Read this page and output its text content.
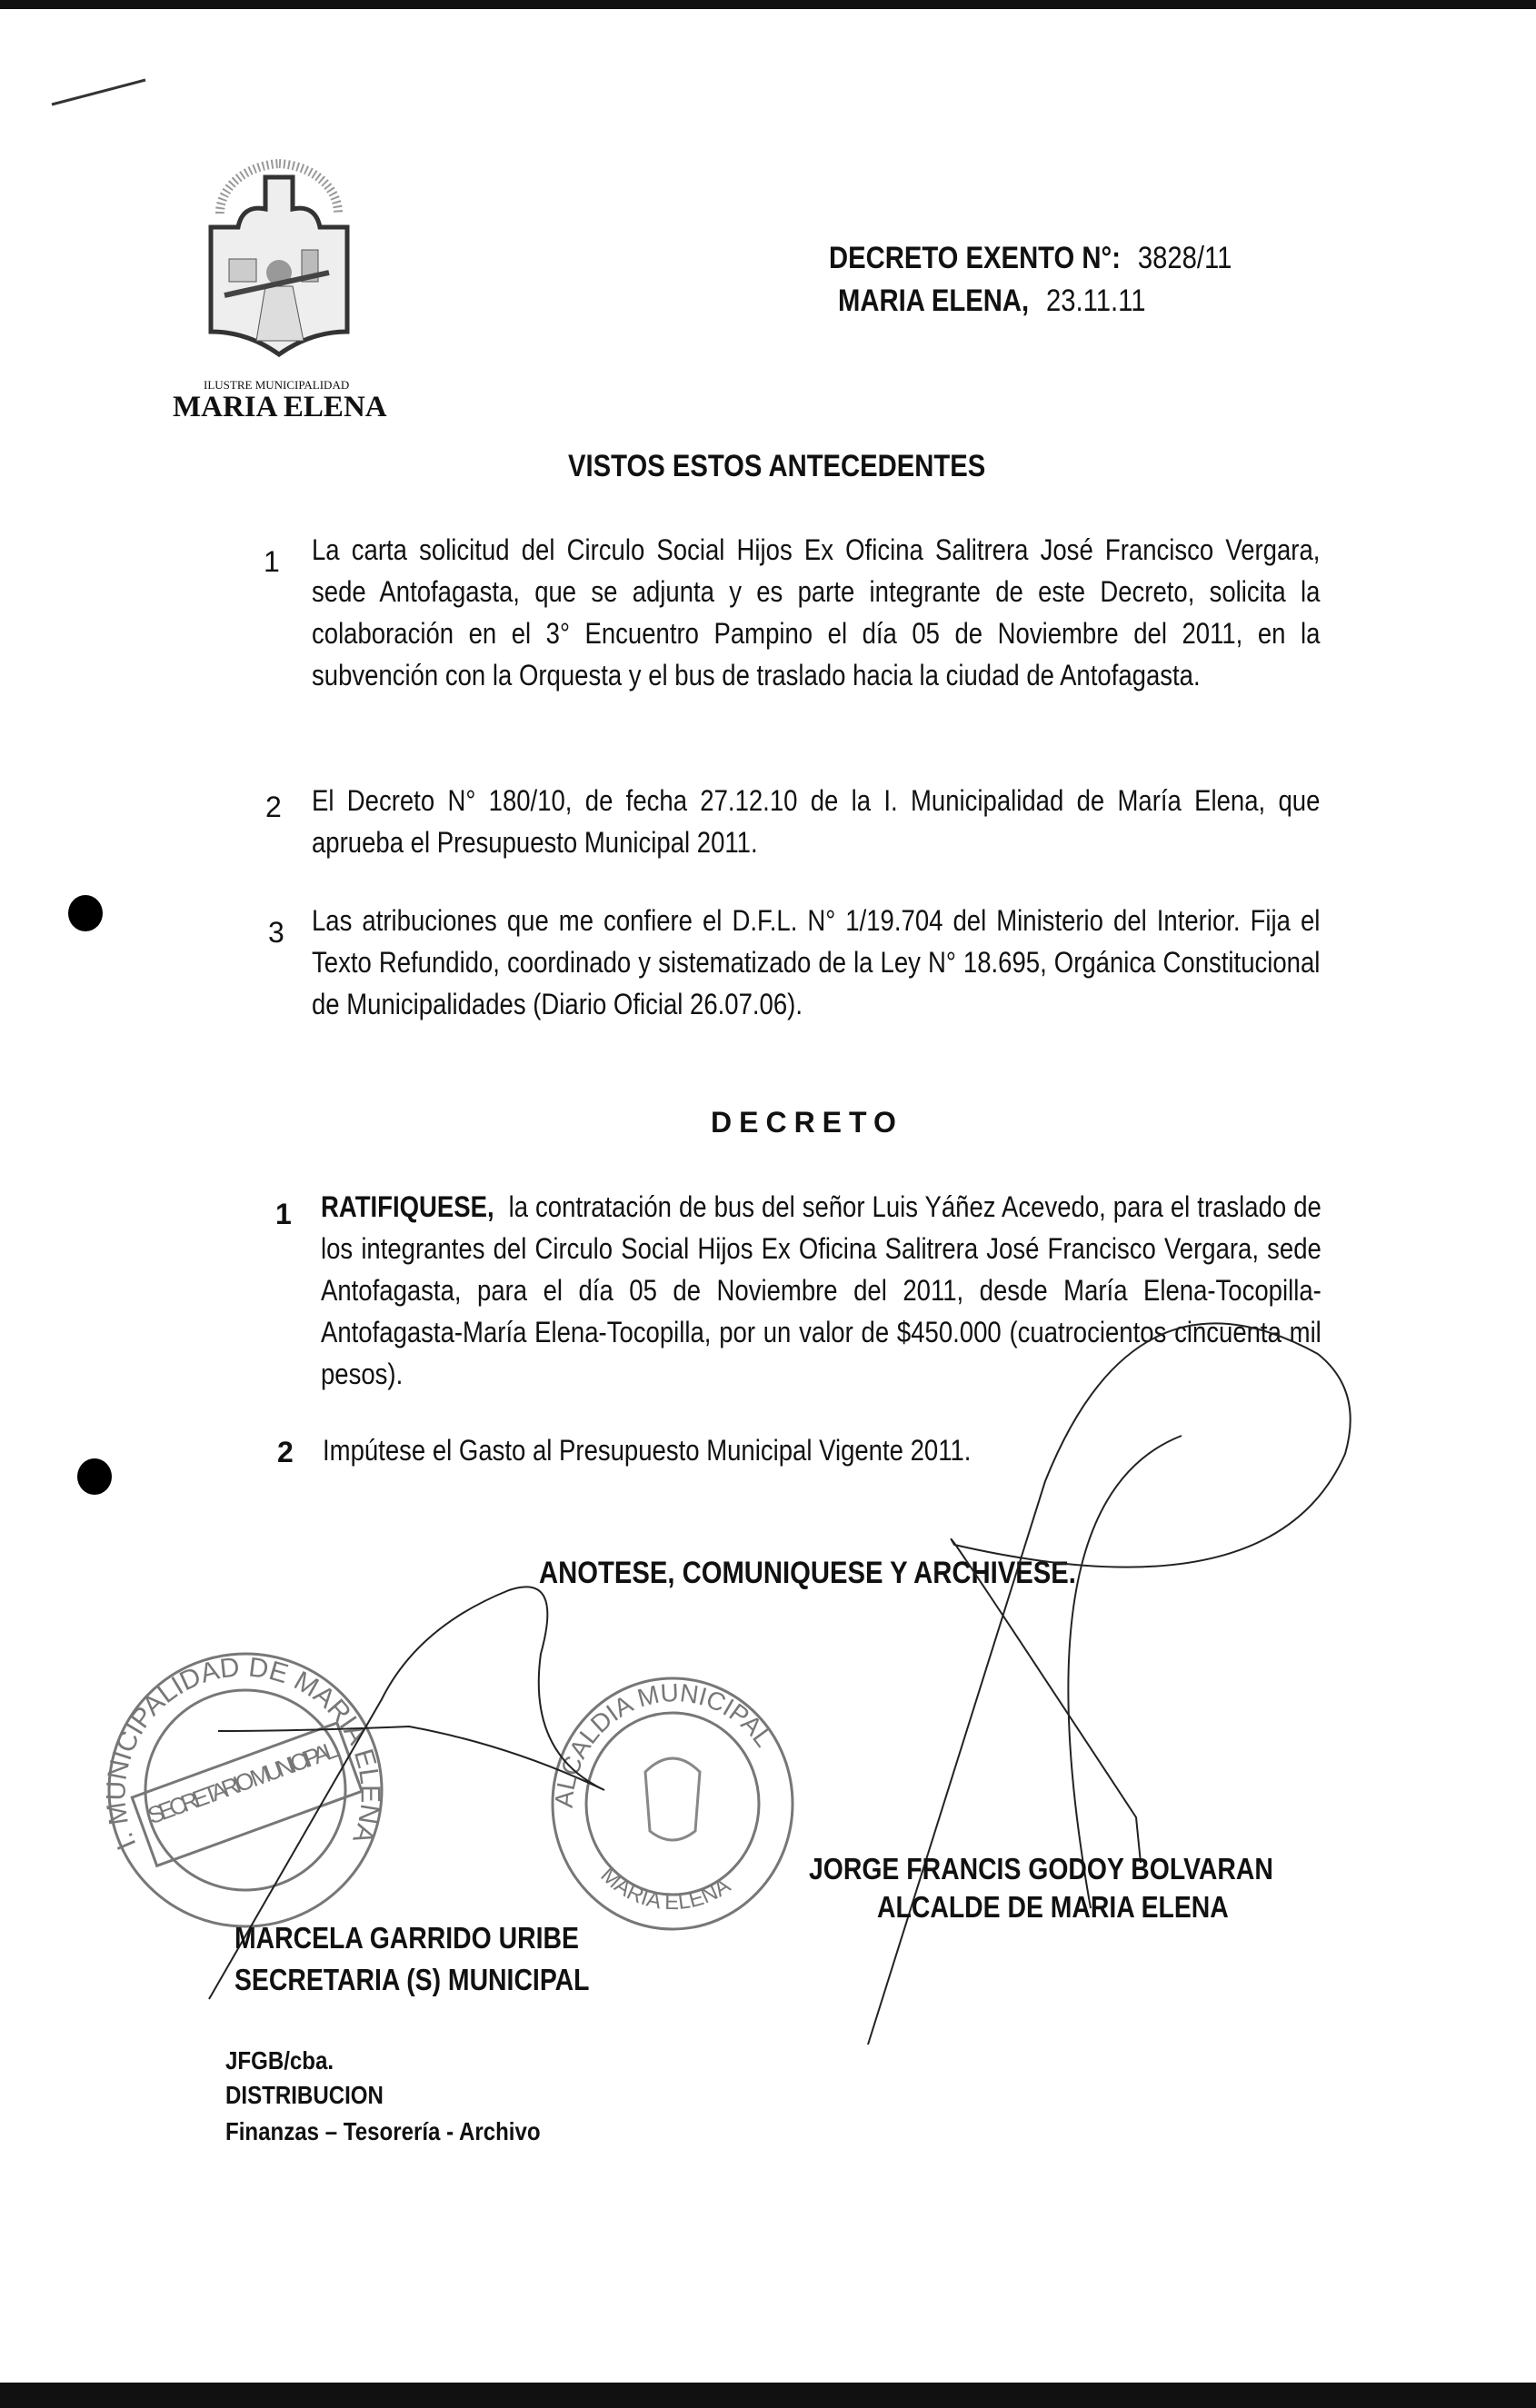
ILUSTRE MUNICIPALIDAD
MARIA ELENA
DECRETO EXENTO N°: 3828/11
MARIA ELENA, 23.11.11
VISTOS ESTOS ANTECEDENTES
1 La carta solicitud del Circulo Social Hijos Ex Oficina Salitrera José Francisco Vergara, sede Antofagasta, que se adjunta y es parte integrante de este Decreto, solicita la colaboración en el 3° Encuentro Pampino el día 05 de Noviembre del 2011, en la subvención con la Orquesta y el bus de traslado hacia la ciudad de Antofagasta.
2 El Decreto N° 180/10, de fecha 27.12.10 de la I. Municipalidad de María Elena, que aprueba el Presupuesto Municipal 2011.
3 Las atribuciones que me confiere el D.F.L. N° 1/19.704 del Ministerio del Interior. Fija el Texto Refundido, coordinado y sistematizado de la Ley N° 18.695, Orgánica Constitucional de Municipalidades (Diario Oficial 26.07.06).
DECRETO
1 RATIFIQUESE, la contratación de bus del señor Luis Yáñez Acevedo, para el traslado de los integrantes del Circulo Social Hijos Ex Oficina Salitrera José Francisco Vergara, sede Antofagasta, para el día 05 de Noviembre del 2011, desde María Elena-Tocopilla-Antofagasta-María Elena-Tocopilla, por un valor de $450.000 (cuatrocientos cincuenta mil pesos).
2 Impútese el Gasto al Presupuesto Municipal Vigente 2011.
ANOTESE, COMUNIQUESE Y ARCHIVESE.
I. MUNICIPALIDAD DE MARIA ELENA
SECRETARIO MUNICIPAL
ALCALDIA MUNICIPAL
MARIA ELENA
JORGE FRANCIS GODOY BOLVARAN
ALCALDE DE MARIA ELENA
MARCELA GARRIDO URIBE
SECRETARIA (S) MUNICIPAL
JFGB/cba.
DISTRIBUCION
Finanzas – Tesorería - Archivo
